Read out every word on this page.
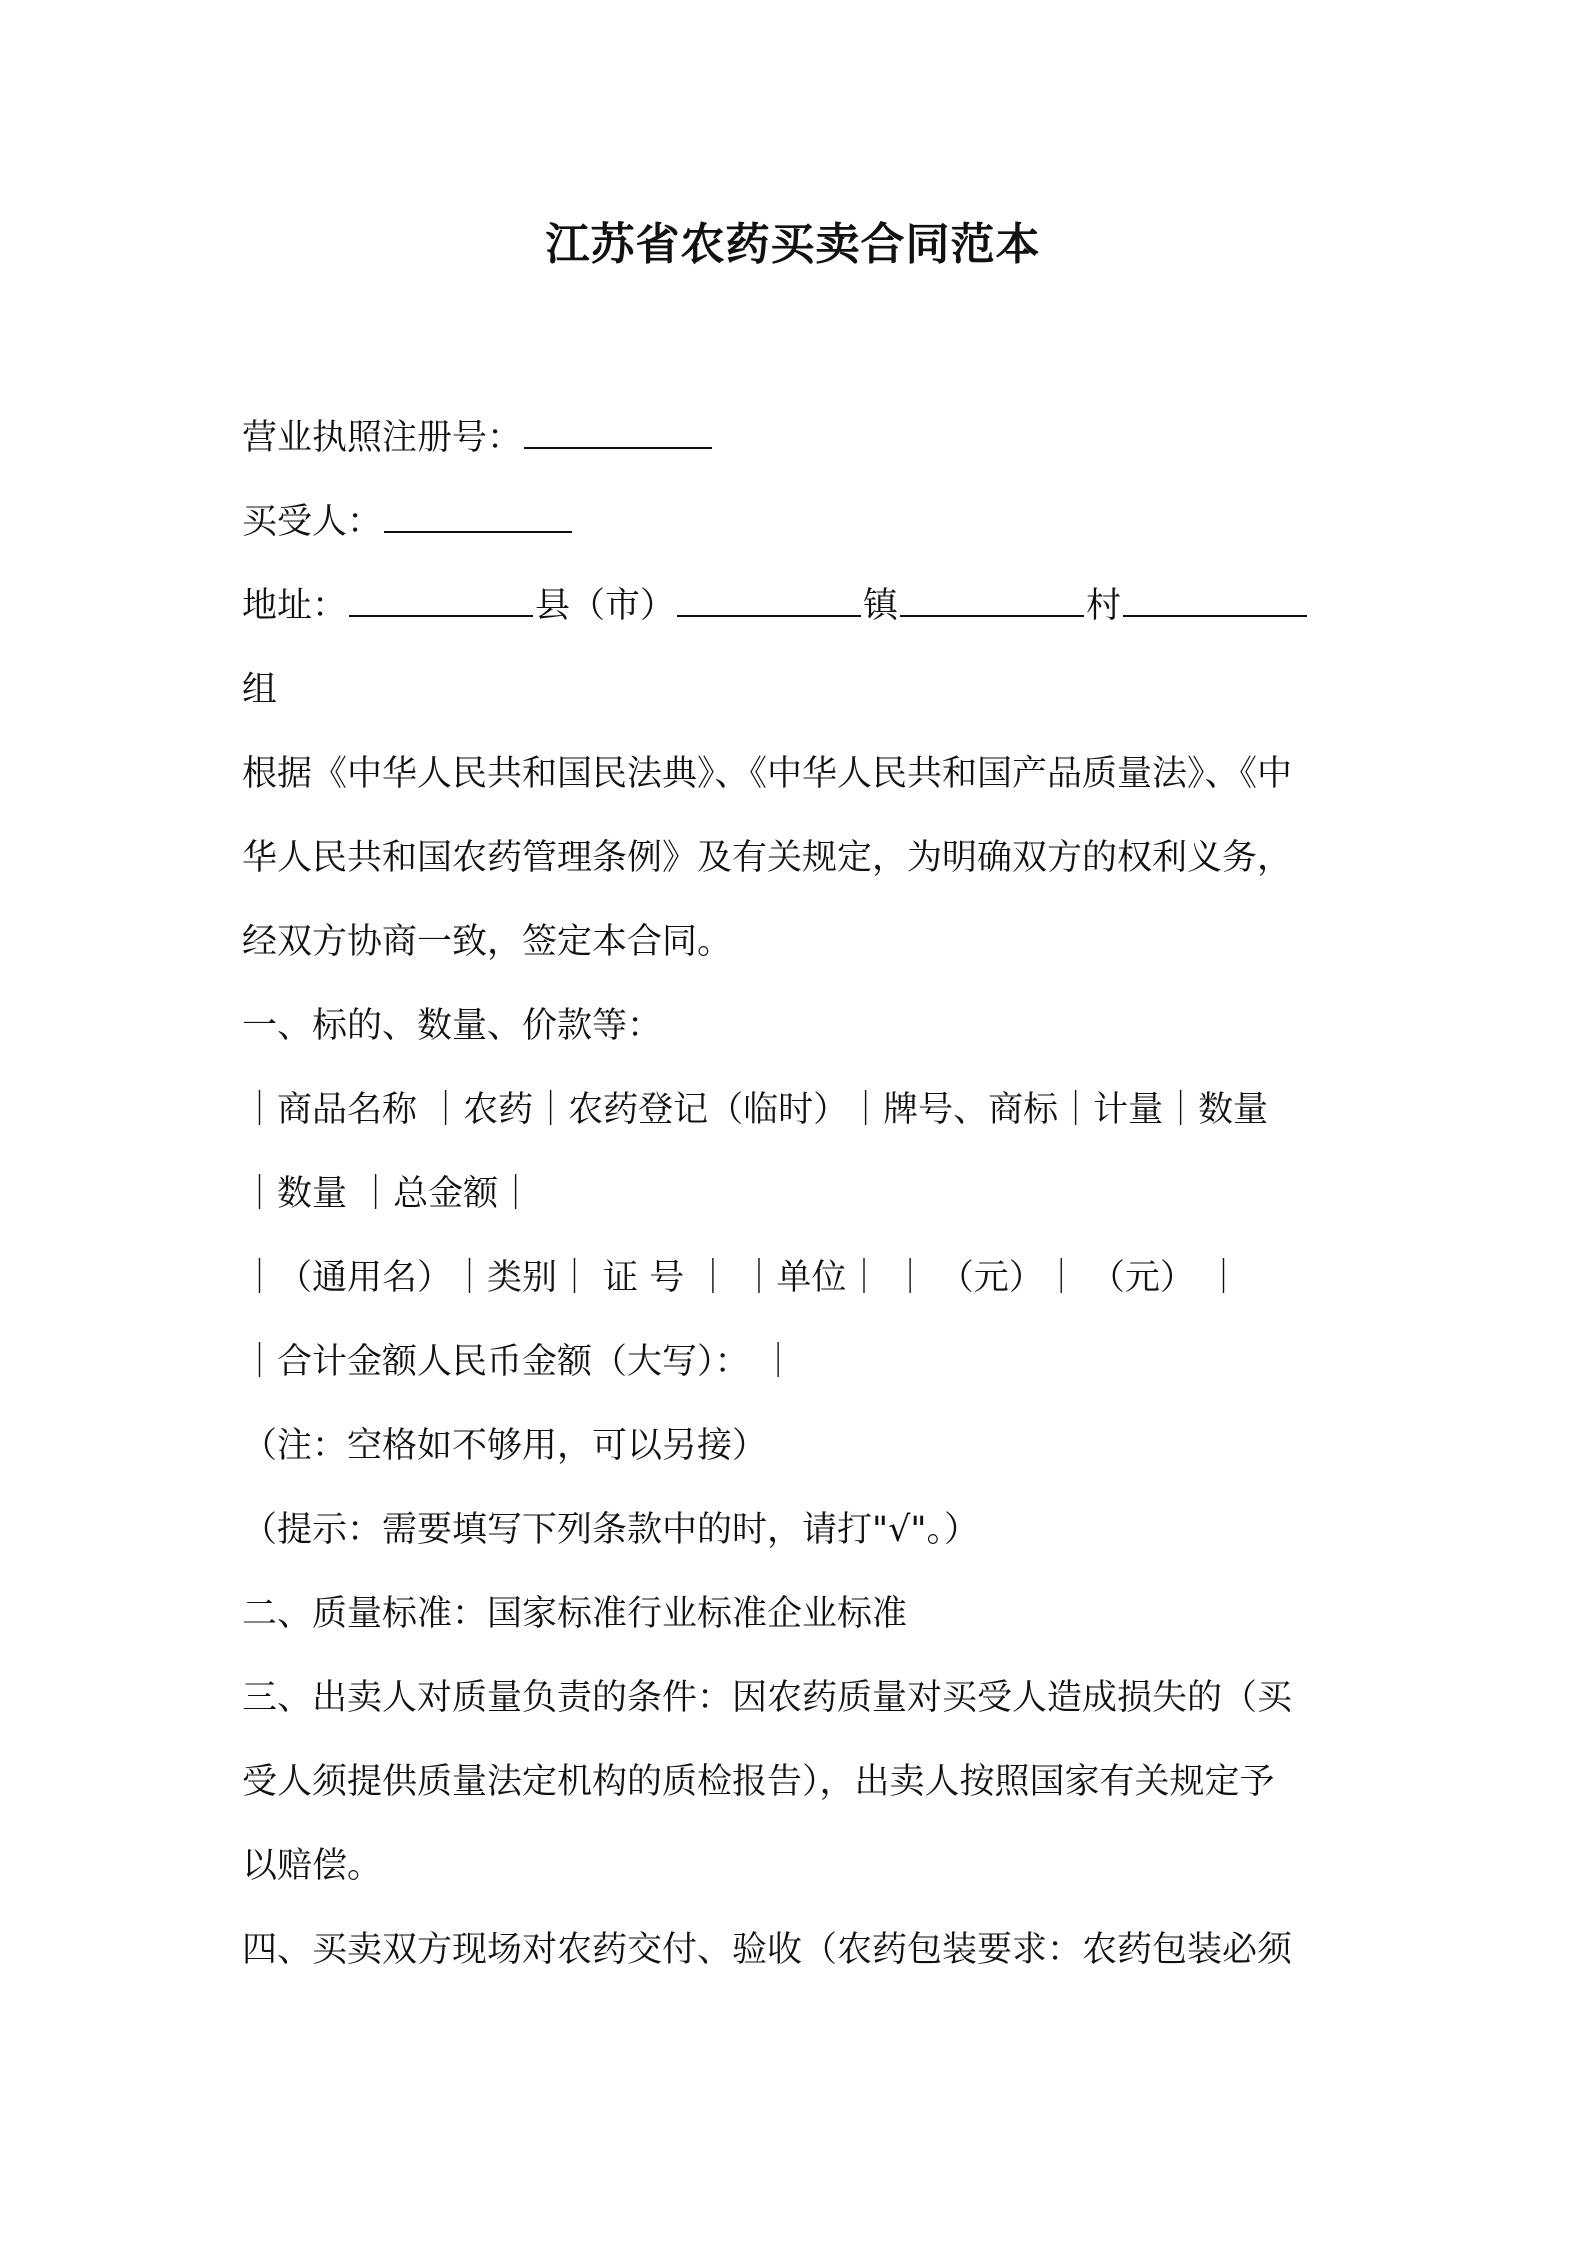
江苏省农药买卖合同范本
营业执照注册号：
买受人：
地址：	县（市）	镇	村
组
根据《中华人民共和国民法典》、《中华人民共和国产品质量法》、《中
华人民共和国农药管理条例》及有关规定，为明确双方的权利义务，
经双方协商一致，签定本合同。
一、标的、数量、价款等：
｜商品名称 ｜农药｜农药登记（临时）｜牌号、商标｜计量｜数量
｜数量 ｜总金额｜
｜（通用名）｜类别｜ 证 号 ｜ ｜单位｜ ｜ （元）｜ （元） ｜
｜合计金额人民币金额（大写）： ｜
（注：空格如不够用，可以另接）
（提示：需要填写下列条款中的时，请打"√"。）
二、质量标准：国家标准行业标准企业标准
三、出卖人对质量负责的条件：因农药质量对买受人造成损失的（买
受人须提供质量法定机构的质检报告），出卖人按照国家有关规定予
以赔偿。
四、买卖双方现场对农药交付、验收（农药包装要求：农药包装必须
